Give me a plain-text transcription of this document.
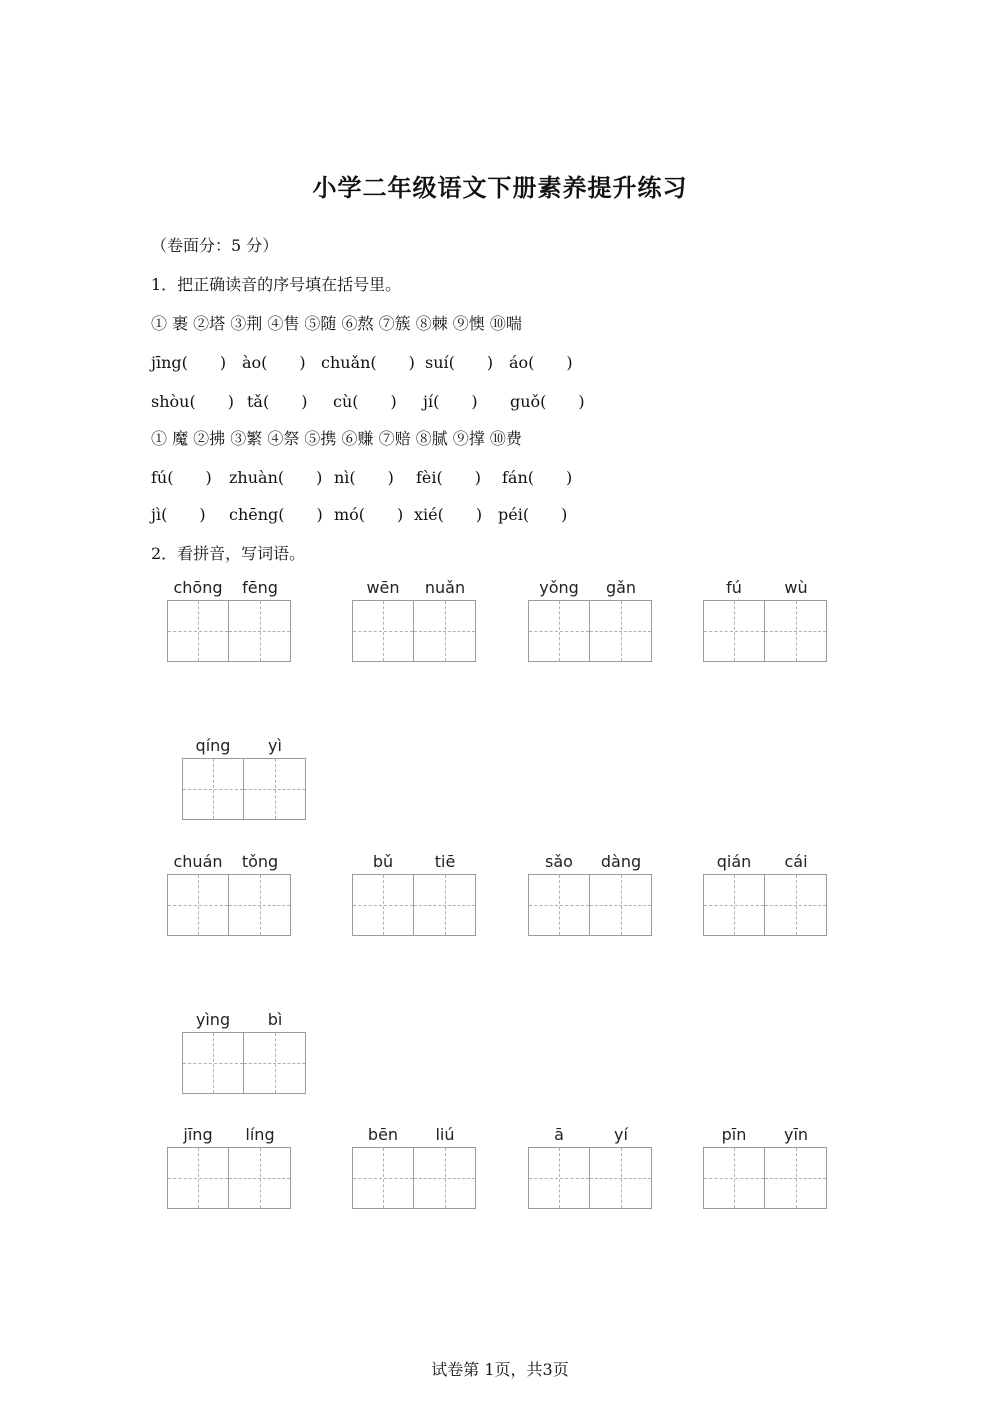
小学二年级语文下册素养提升练习
（卷面分：5 分）
1．把正确读音的序号填在括号里。
① 裹 ②塔 ③荆 ④售 ⑤随 ⑥熬 ⑦簇 ⑧棘 ⑨懊 ⑩喘
jīng(　　) ào(　　) chuǎn(　　) suí(　　) áo(　　)
shòu(　　) tǎ(　　) cù(　　) jí(　　) guǒ(　　)
① 魔 ②拂 ③繁 ④祭 ⑤携 ⑥赚 ⑦赔 ⑧腻 ⑨撑 ⑩费
fú(　　) zhuàn(　　) nì(　　) fèi(　　) fán(　　)
jì(　　) chēng(　　) mó(　　) xié(　　) péi(　　)
2．看拼音，写词语。
chōng	fēng	wēn	nuǎn	yǒng	gǎn	fú	wù
qíng	yì
chuán	tǒng	bǔ	tiē	sǎo	dàng	qián	cái
yìng	bì
jīng	líng	bēn	liú	ā	yí	pīn	yīn
试卷第 1页，共3页
